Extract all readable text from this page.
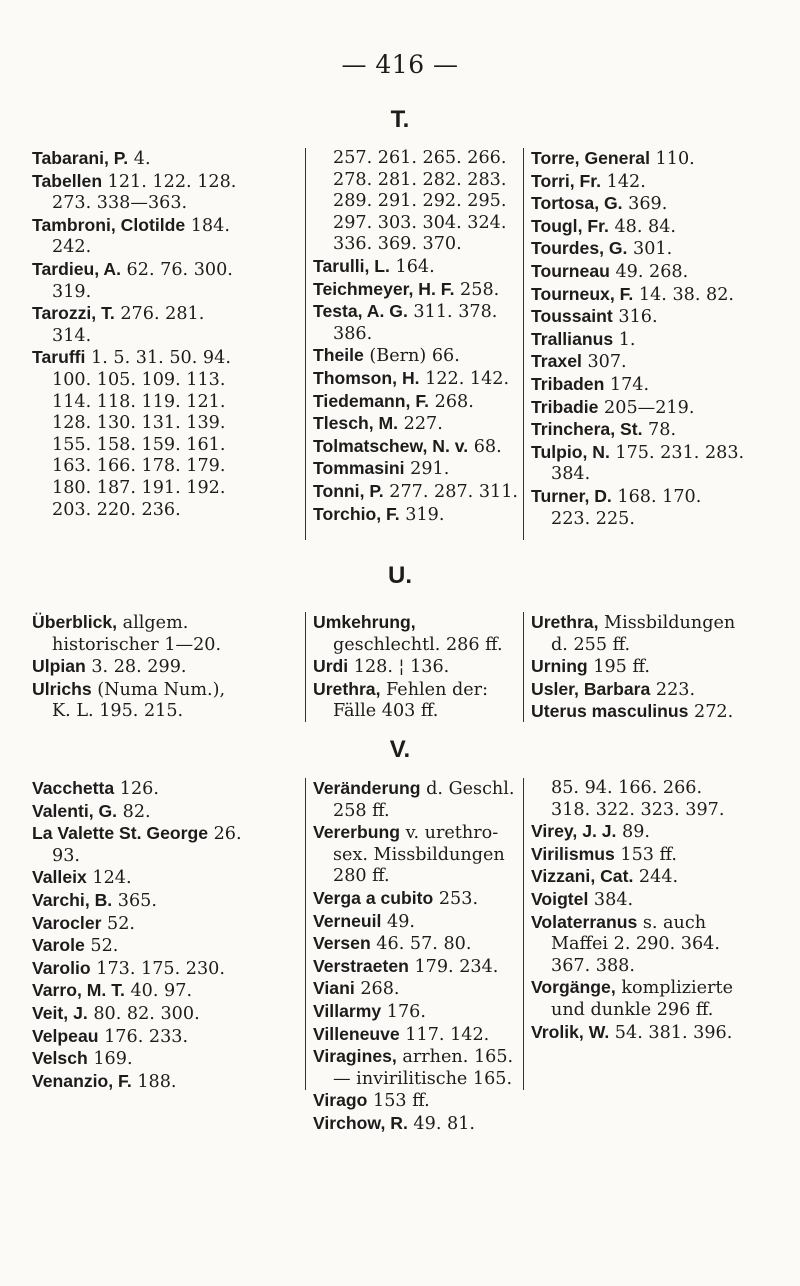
— 416 —
T.
Tabarani, P. 4.
Tabellen 121. 122. 128. 273. 338—363.
Tambroni, Clotilde 184. 242.
Tardieu, A. 62. 76. 300. 319.
Tarozzi, T. 276. 281. 314.
Taruffi 1. 5. 31. 50. 94. 100. 105. 109. 113. 114. 118. 119. 121. 128. 130. 131. 139. 155. 158. 159. 161. 163. 166. 178. 179. 180. 187. 191. 192. 203. 220. 236.
257. 261. 265. 266. 278. 281. 282. 283. 289. 291. 292. 295. 297. 303. 304. 324. 336. 369. 370.
Tarulli, L. 164.
Teichmeyer, H. F. 258.
Testa, A. G. 311. 378. 386.
Theile (Bern) 66.
Thomson, H. 122. 142.
Tiedemann, F. 268.
Tlesch, M. 227.
Tolmatschew, N. v. 68.
Tommasini 291.
Tonni, P. 277. 287. 311.
Torchio, F. 319.
Torre, General 110.
Torri, Fr. 142.
Tortosa, G. 369.
Tougl, Fr. 48. 84.
Tourdes, G. 301.
Tourneau 49. 268.
Tourneux, F. 14. 38. 82.
Toussaint 316.
Trallianus 1.
Traxel 307.
Tribaden 174.
Tribadie 205—219.
Trinchera, St. 78.
Tulpio, N. 175. 231. 283. 384.
Turner, D. 168. 170. 223. 225.
U.
Überblick, allgem. historischer 1—20.
Ulpian 3. 28. 299.
Ulrichs (Numa Num.), K. L. 195. 215.
Umkehrung, geschlechtl. 286 ff.
Urdi 128. ¦ 136.
Urethra, Fehlen der: Fälle 403 ff.
Urethra, Missbildungen d. 255 ff.
Urning 195 ff.
Usler, Barbara 223.
Uterus masculinus 272.
V.
Vacchetta 126.
Valenti, G. 82.
La Valette St. George 26. 93.
Valleix 124.
Varchi, B. 365.
Varocler 52.
Varole 52.
Varolio 173. 175. 230.
Varro, M. T. 40. 97.
Veit, J. 80. 82. 300.
Velpeau 176. 233.
Velsch 169.
Venanzio, F. 188.
Veränderung d. Geschl. 258 ff.
Vererbung v. urethro-sex. Missbildungen 280 ff.
Verga a cubito 253.
Verneuil 49.
Versen 46. 57. 80.
Verstraeten 179. 234.
Viani 268.
Villarmy 176.
Villeneuve 117. 142.
Viragines, arrhen. 165.
— invirilitische 165.
Virago 153 ff.
Virchow, R. 49. 81.
85. 94. 166. 266. 318. 322. 323. 397.
Virey, J. J. 89.
Virilismus 153 ff.
Vizzani, Cat. 244.
Voigtel 384.
Volaterranus s. auch Maffei 2. 290. 364. 367. 388.
Vorgänge, komplizierte und dunkle 296 ff.
Vrolik, W. 54. 381. 396.
